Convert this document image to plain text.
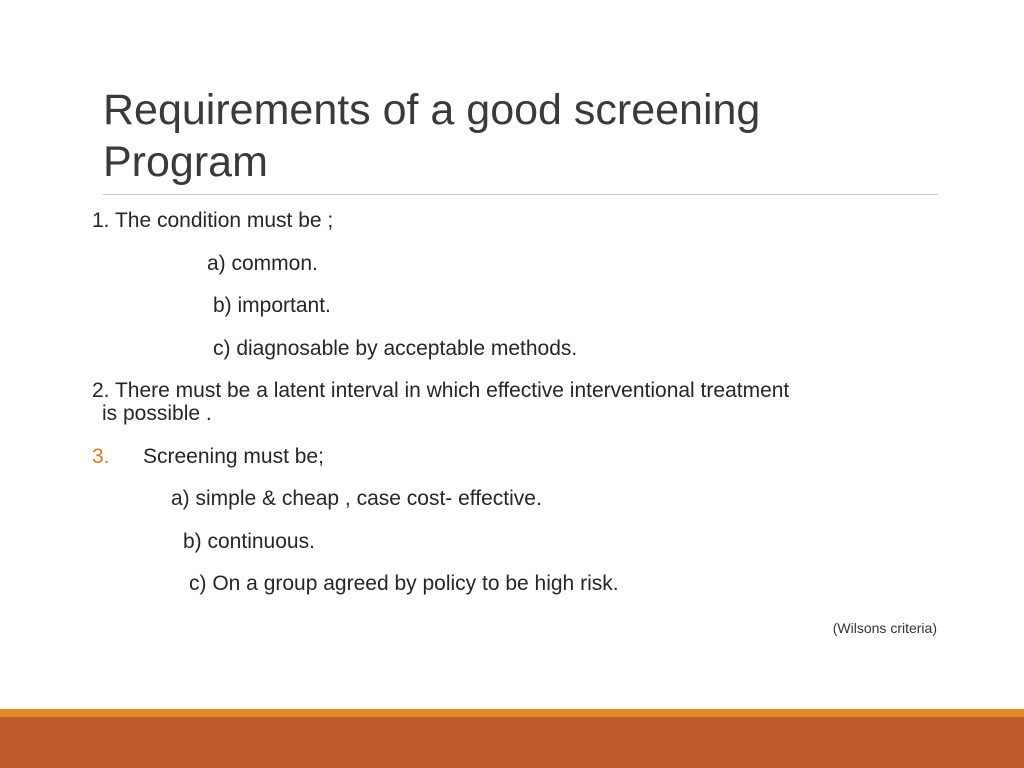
Requirements of a good screening
Program
1. The condition must be ;
a) common.
b) important.
c) diagnosable by acceptable methods.
2. There must be a latent interval in which effective interventional treatment
is possible .
3. Screening must be;
a) simple & cheap , case cost- effective.
b) continuous.
c) On a group agreed by policy to be high risk.
(Wilsons criteria)
